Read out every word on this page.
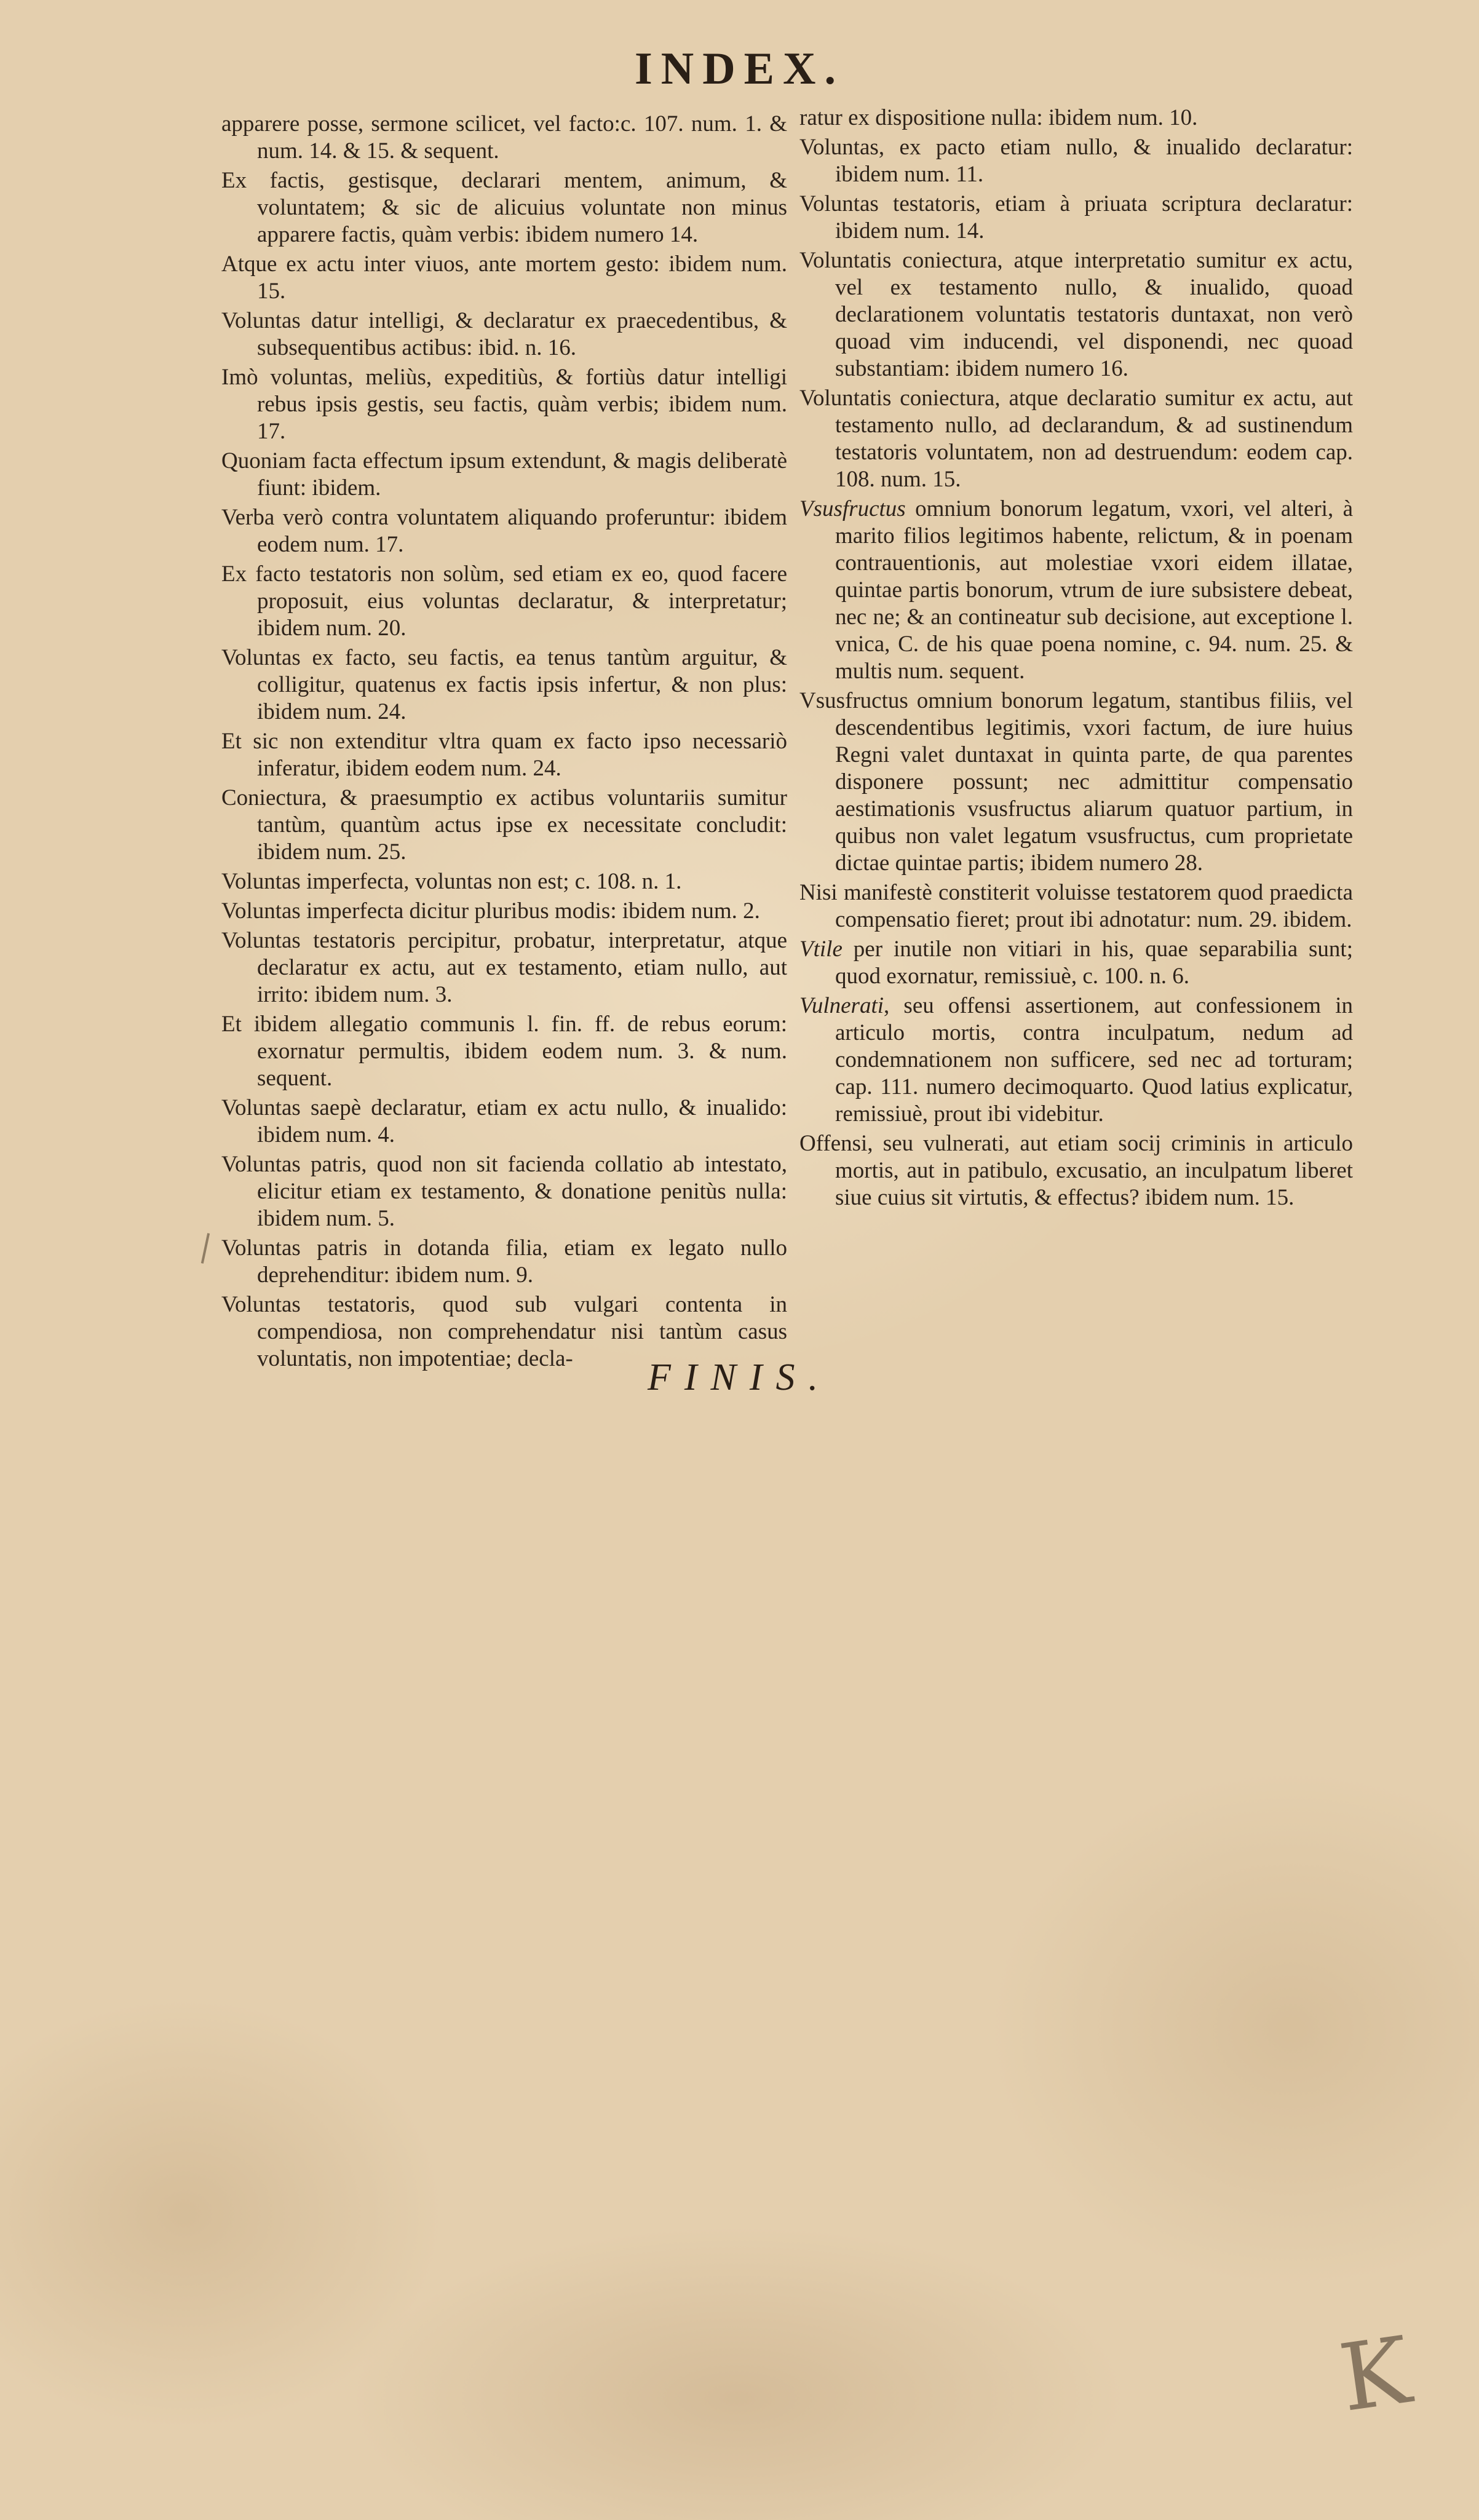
INDEX.
apparere posse, sermone scilicet, vel facto:c. 107. num. 1. & num. 14. & 15. & sequent.
Ex factis, gestisque, declarari mentem, animum, & voluntatem; & sic de alicuius voluntate non minus apparere factis, quàm verbis: ibidem numero 14.
Atque ex actu inter viuos, ante mortem gesto: ibidem num. 15.
Voluntas datur intelligi, & declaratur ex praecedentibus, & subsequentibus actibus: ibid. n. 16.
Imò voluntas, meliùs, expeditiùs, & fortiùs datur intelligi rebus ipsis gestis, seu factis, quàm verbis; ibidem num. 17.
Quoniam facta effectum ipsum extendunt, & magis deliberatè fiunt: ibidem.
Verba verò contra voluntatem aliquando proferuntur: ibidem eodem num. 17.
Ex facto testatoris non solùm, sed etiam ex eo, quod facere proposuit, eius voluntas declaratur, & interpretatur; ibidem num. 20.
Voluntas ex facto, seu factis, ea tenus tantùm arguitur, & colligitur, quatenus ex factis ipsis infertur, & non plus: ibidem num. 24.
Et sic non extenditur vltra quam ex facto ipso necessariò inferatur, ibidem eodem num. 24.
Coniectura, & praesumptio ex actibus voluntariis sumitur tantùm, quantùm actus ipse ex necessitate concludit: ibidem num. 25.
Voluntas imperfecta, voluntas non est; c. 108. n. 1.
Voluntas imperfecta dicitur pluribus modis: ibidem num. 2.
Voluntas testatoris percipitur, probatur, interpretatur, atque declaratur ex actu, aut ex testamento, etiam nullo, aut irrito: ibidem num. 3.
Et ibidem allegatio communis l. fin. ff. de rebus eorum: exornatur permultis, ibidem eodem num. 3. & num. sequent.
Voluntas saepè declaratur, etiam ex actu nullo, & inualido: ibidem num. 4.
Voluntas patris, quod non sit facienda collatio ab intestato, elicitur etiam ex testamento, & donatione penitùs nulla: ibidem num. 5.
Voluntas patris in dotanda filia, etiam ex legato nullo deprehenditur: ibidem num. 9.
Voluntas testatoris, quod sub vulgari contenta in compendiosa, non comprehendatur nisi tantùm casus voluntatis, non impotentiae; decla-
ratur ex dispositione nulla: ibidem num. 10.
Voluntas, ex pacto etiam nullo, & inualido declaratur: ibidem num. 11.
Voluntas testatoris, etiam à priuata scriptura declaratur: ibidem num. 14.
Voluntatis coniectura, atque interpretatio sumitur ex actu, vel ex testamento nullo, & inualido, quoad declarationem voluntatis testatoris duntaxat, non verò quoad vim inducendi, vel disponendi, nec quoad substantiam: ibidem numero 16.
Voluntatis coniectura, atque declaratio sumitur ex actu, aut testamento nullo, ad declarandum, & ad sustinendum testatoris voluntatem, non ad destruendum: eodem cap. 108. num. 15.
Vsusfructus omnium bonorum legatum, vxori, vel alteri, à marito filios legitimos habente, relictum, & in poenam contrauentionis, aut molestiae vxori eidem illatae, quintae partis bonorum, vtrum de iure subsistere debeat, nec ne; & an contineatur sub decisione, aut exceptione l. vnica, C. de his quae poena nomine, c. 94. num. 25. & multis num. sequent.
Vsusfructus omnium bonorum legatum, stantibus filiis, vel descendentibus legitimis, vxori factum, de iure huius Regni valet duntaxat in quinta parte, de qua parentes disponere possunt; nec admittitur compensatio aestimationis vsusfructus aliarum quatuor partium, in quibus non valet legatum vsusfructus, cum proprietate dictae quintae partis; ibidem numero 28.
Nisi manifestè constiterit voluisse testatorem quod praedicta compensatio fieret; prout ibi adnotatur: num. 29. ibidem.
Vtile per inutile non vitiari in his, quae separabilia sunt; quod exornatur, remissiuè, c. 100. n. 6.
Vulnerati, seu offensi assertionem, aut confessionem in articulo mortis, contra inculpatum, nedum ad condemnationem non sufficere, sed nec ad torturam; cap. 111. numero decimoquarto. Quod latius explicatur, remissiuè, prout ibi videbitur.
Offensi, seu vulnerati, aut etiam socij criminis in articulo mortis, aut in patibulo, excusatio, an inculpatum liberet siue cuius sit virtutis, & effectus? ibidem num. 15.
FINIS.
K
